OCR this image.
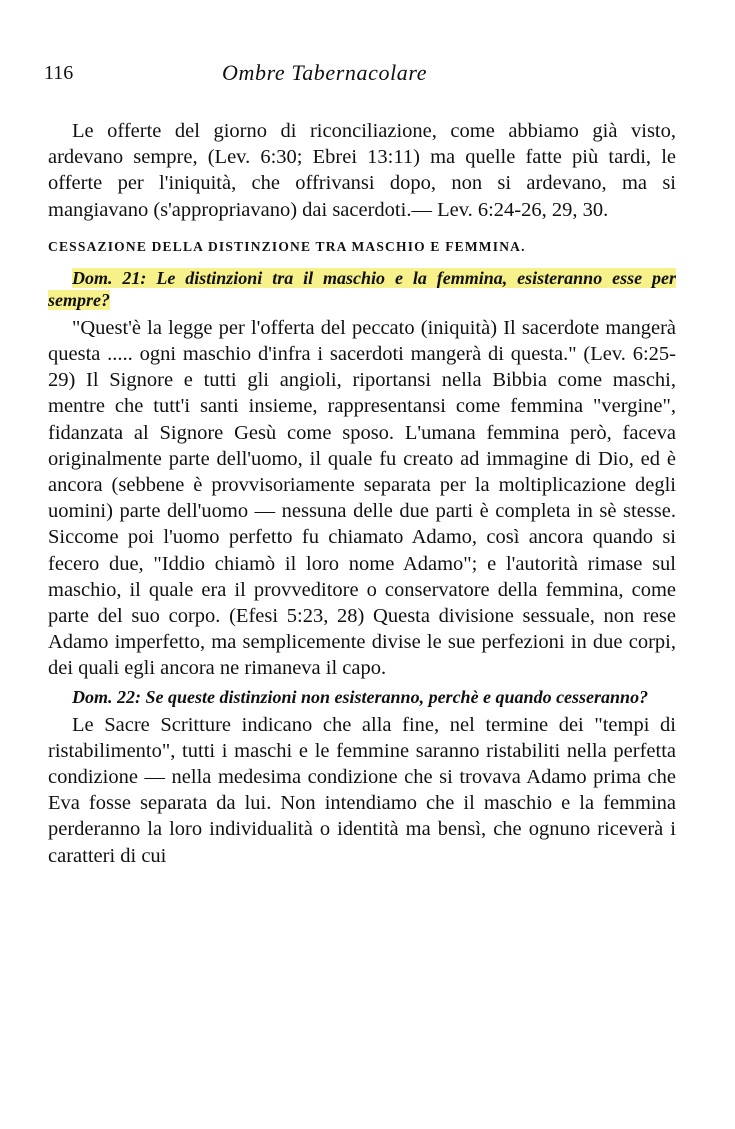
116	Ombre Tabernacolare

Le offerte del giorno di riconciliazione, come abbiamo già visto, ardevano sempre, (Lev. 6:30; Ebrei 13:11) ma quelle fatte più tardi, le offerte per l'iniquità, che offrivansi dopo, non si ardevano, ma si mangiavano (s'appropriavano) dai sacerdoti.— Lev. 6:24-26, 29, 30.

CESSAZIONE DELLA DISTINZIONE TRA MASCHIO E FEMMINA.

Dom. 21: Le distinzioni tra il maschio e la femmina, esisteranno esse per sempre?

"Quest'è la legge per l'offerta del peccato (iniquità) Il sacerdote mangerà questa ..... ogni maschio d'infra i sacerdoti mangerà di questa." (Lev. 6:25-29) Il Signore e tutti gli angioli, riportansi nella Bibbia come maschi, mentre che tutt'i santi insieme, rappresentansi come femmina "vergine", fidanzata al Signore Gesù come sposo. L'umana femmina però, faceva originalmente parte dell'uomo, il quale fu creato ad immagine di Dio, ed è ancora (sebbene è provvisoriamente separata per la moltiplicazione degli uomini) parte dell'uomo — nessuna delle due parti è completa in sè stesse. Siccome poi l'uomo perfetto fu chiamato Adamo, così ancora quando si fecero due, "Iddio chiamò il loro nome Adamo"; e l'autorità rimase sul maschio, il quale era il provveditore o conservatore della femmina, come parte del suo corpo. (Efesi 5:23, 28) Questa divisione sessuale, non rese Adamo imperfetto, ma semplicemente divise le sue perfezioni in due corpi, dei quali egli ancora ne rimaneva il capo.

Dom. 22: Se queste distinzioni non esisteranno, perchè e quando cesseranno?

Le Sacre Scritture indicano che alla fine, nel termine dei "tempi di ristabilimento", tutti i maschi e le femmine saranno ristabiliti nella perfetta condizione — nella medesima condizione che si trovava Adamo prima che Eva fosse separata da lui. Non intendiamo che il maschio e la femmina perderanno la loro individualità o identità ma bensì, che ognuno riceverà i caratteri di cui
